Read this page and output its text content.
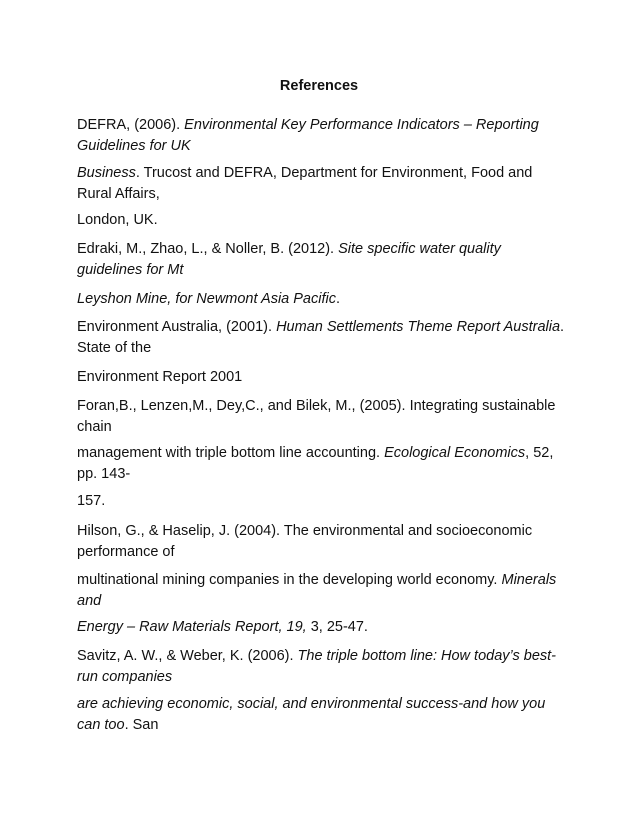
References

DEFRA, (2006). Environmental Key Performance Indicators – Reporting Guidelines for UK

Business. Trucost and DEFRA, Department for Environment, Food and Rural Affairs,

London, UK.

Edraki, M., Zhao, L., & Noller, B. (2012). Site specific water quality guidelines for Mt

Leyshon Mine, for Newmont Asia Pacific.

Environment Australia, (2001). Human Settlements Theme Report Australia. State of the

Environment Report 2001

Foran,B., Lenzen,M., Dey,C., and Bilek, M., (2005). Integrating sustainable chain

management with triple bottom line accounting. Ecological Economics, 52, pp. 143-

157.

Hilson, G., & Haselip, J. (2004). The environmental and socioeconomic performance of

multinational mining companies in the developing world economy. Minerals and

Energy – Raw Materials Report, 19, 3, 25-47.

Savitz, A. W., & Weber, K. (2006). The triple bottom line: How today’s best-run companies

are achieving economic, social, and environmental success-and how you can too. San
